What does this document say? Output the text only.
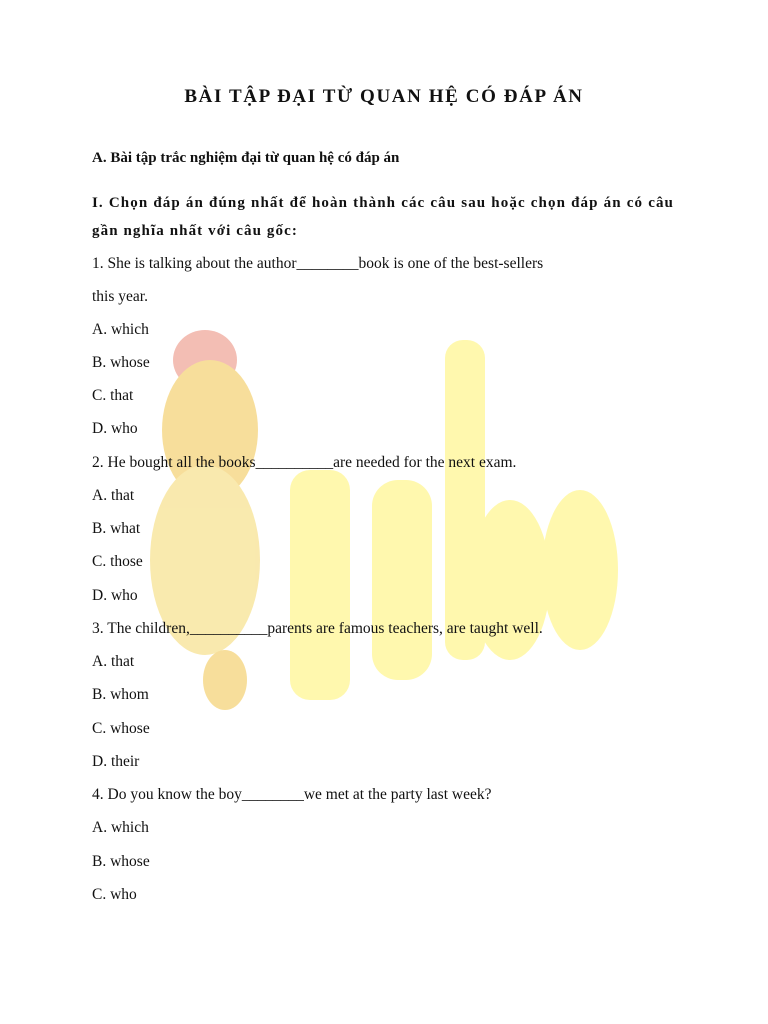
BÀI TẬP ĐẠI TỪ QUAN HỆ CÓ ĐÁP ÁN
A. Bài tập trắc nghiệm đại từ quan hệ có đáp án
I. Chọn đáp án đúng nhất để hoàn thành các câu sau hoặc chọn đáp án có câu gần nghĩa nhất với câu gốc:
1. She is talking about the author________book is one of the best-sellers
this year.
A. which
B. whose
C. that
D. who
2. He bought all the books__________are needed for the next exam.
A. that
B. what
C. those
D. who
3. The children,__________parents are famous teachers, are taught well.
A. that
B. whom
C. whose
D. their
4. Do you know the boy________we met at the party last week?
A. which
B. whose
C. who
